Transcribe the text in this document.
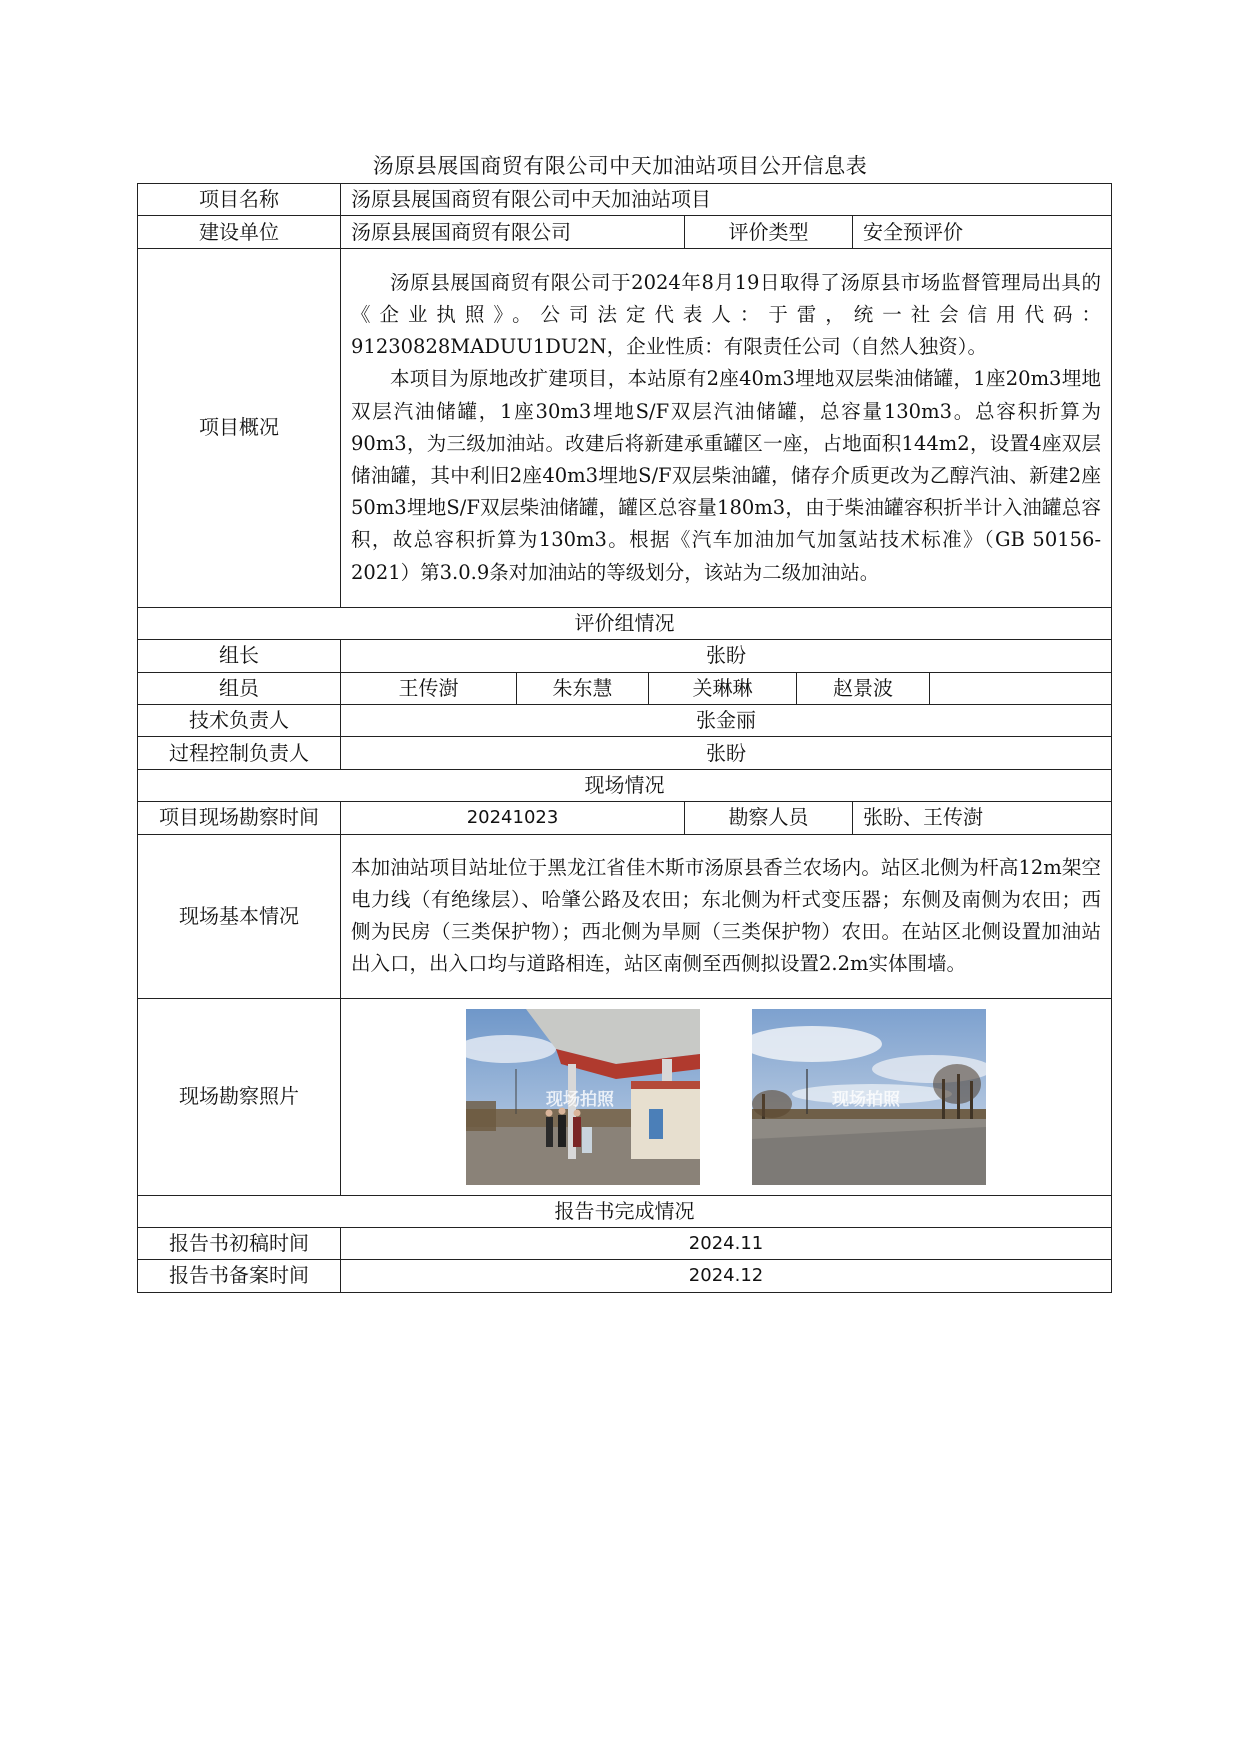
汤原县展国商贸有限公司中天加油站项目公开信息表
项目名称	汤原县展国商贸有限公司中天加油站项目						
建设单位	汤原县展国商贸有限公司			评价类型		安全预评价	
项目概况	汤原县展国商贸有限公司于2024年8月19日取得了汤原县市场监督管理局出具的《企业执照》。公司法定代表人：于雷，统一社会信用代码：91230828MADUU1DU2N，企业性质：有限责任公司（自然人独资）。

本项目为原地改扩建项目，本站原有2座40m3埋地双层柴油储罐，1座20m3埋地双层汽油储罐，1座30m3埋地S/F双层汽油储罐，总容量130m3。总容积折算为90m3，为三级加油站。改建后将新建承重罐区一座，占地面积144m2，设置4座双层储油罐，其中利旧2座40m3埋地S/F双层柴油罐，储存介质更改为乙醇汽油、新建2座50m3埋地S/F双层柴油储罐，罐区总容量180m3，由于柴油罐容积折半计入油罐总容积，故总容积折算为130m3。根据《汽车加油加气加氢站技术标准》（GB 50156-2021）第3.0.9条对加油站的等级划分，该站为二级加油站。						

评价组情况							
组长	张盼						
组员	王传澍	朱东慧	关琳琳		赵景波		
技术负责人	张金丽						
过程控制负责人	张盼						
现场情况							
项目现场勘察时间	20241023			勘察人员		张盼、王传澍	
现场基本情况	本加油站项目站址位于黑龙江省佳木斯市汤原县香兰农场内。站区北侧为杆高12m架空电力线（有绝缘层）、哈肇公路及农田；东北侧为杆式变压器；东侧及南侧为农田；西侧为民房（三类保护物）；西北侧为旱厕（三类保护物）农田。在站区北侧设置加油站出入口，出入口均与道路相连，站区南侧至西侧拟设置2.2m实体围墙。						

现场勘察照片	现场拍照 现场拍照						

报告书完成情况							
报告书初稿时间	2024.11						
报告书备案时间	2024.12						
